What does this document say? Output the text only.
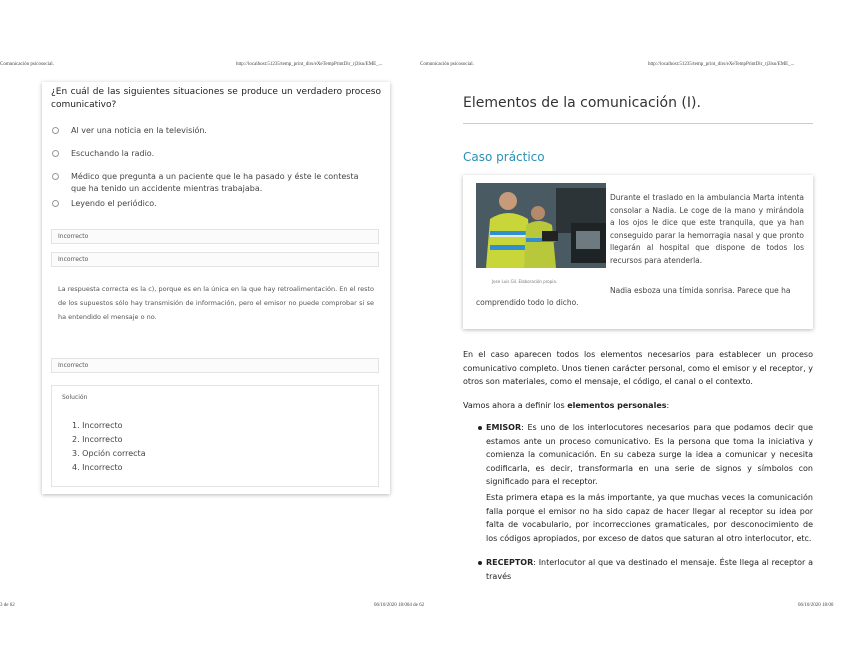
Comunicación psicosocial.	http://localhost:51235/temp_print_dirs/eXeTempPrintDir_rj3lsu/EME_...	Comunicación psicosocial.	http://localhost:51235/temp_print_dirs/eXeTempPrintDir_rj3lsu/EME_...
¿En cuál de las siguientes situaciones se produce un verdadero proceso comunicativo?
Al ver una noticia en la televisión.
Escuchando la radio.
Médico que pregunta a un paciente que le ha pasado y éste le contesta que ha tenido un accidente mientras trabajaba.
Leyendo el periódico.
Incorrecto
Incorrecto
La respuesta correcta es la c), porque es en la única en la que hay retroalimentación. En el resto de los supuestos sólo hay transmisión de información, pero el emisor no puede comprobar si se ha entendido el mensaje o no.
Incorrecto
Solución
1. Incorrecto
2. Incorrecto
3. Opción correcta
4. Incorrecto
Elementos de la comunicación (I).
Caso práctico
Jose Luis Gil. Elaboración propia.
Durante el traslado en la ambulancia Marta intenta consolar a Nadia. Le coge de la mano y mirándola a los ojos le dice que este tranquila, que ya han conseguido parar la hemorragia nasal y que pronto llegarán al hospital que dispone de todos los recursos para atenderla.
Nadia esboza una tímida sonrisa. Parece que ha
comprendido todo lo dicho.
En el caso aparecen todos los elementos necesarios para establecer un proceso comunicativo completo. Unos tienen carácter personal, como el emisor y el receptor, y otros son materiales, como el mensaje, el código, el canal o el contexto.
Vamos ahora a definir los elementos personales:
EMISOR: Es uno de los interlocutores necesarios para que podamos decir que estamos ante un proceso comunicativo. Es la persona que toma la iniciativa y comienza la comunicación. En su cabeza surge la idea a comunicar y necesita codificarla, es decir, transformarla en una serie de signos y símbolos con significado para el receptor.
Esta primera etapa es la más importante, ya que muchas veces la comunicación falla porque el emisor no ha sido capaz de hacer llegar al receptor su idea por falta de vocabulario, por incorrecciones gramaticales, por desconocimiento de los códigos apropiados, por exceso de datos que saturan al otro interlocutor, etc.
RECEPTOR: Interlocutor al que va destinado el mensaje. Éste llega al receptor a través
3 de 62	06/10/2020 18:004 de 62	06/10/2020 18:00
